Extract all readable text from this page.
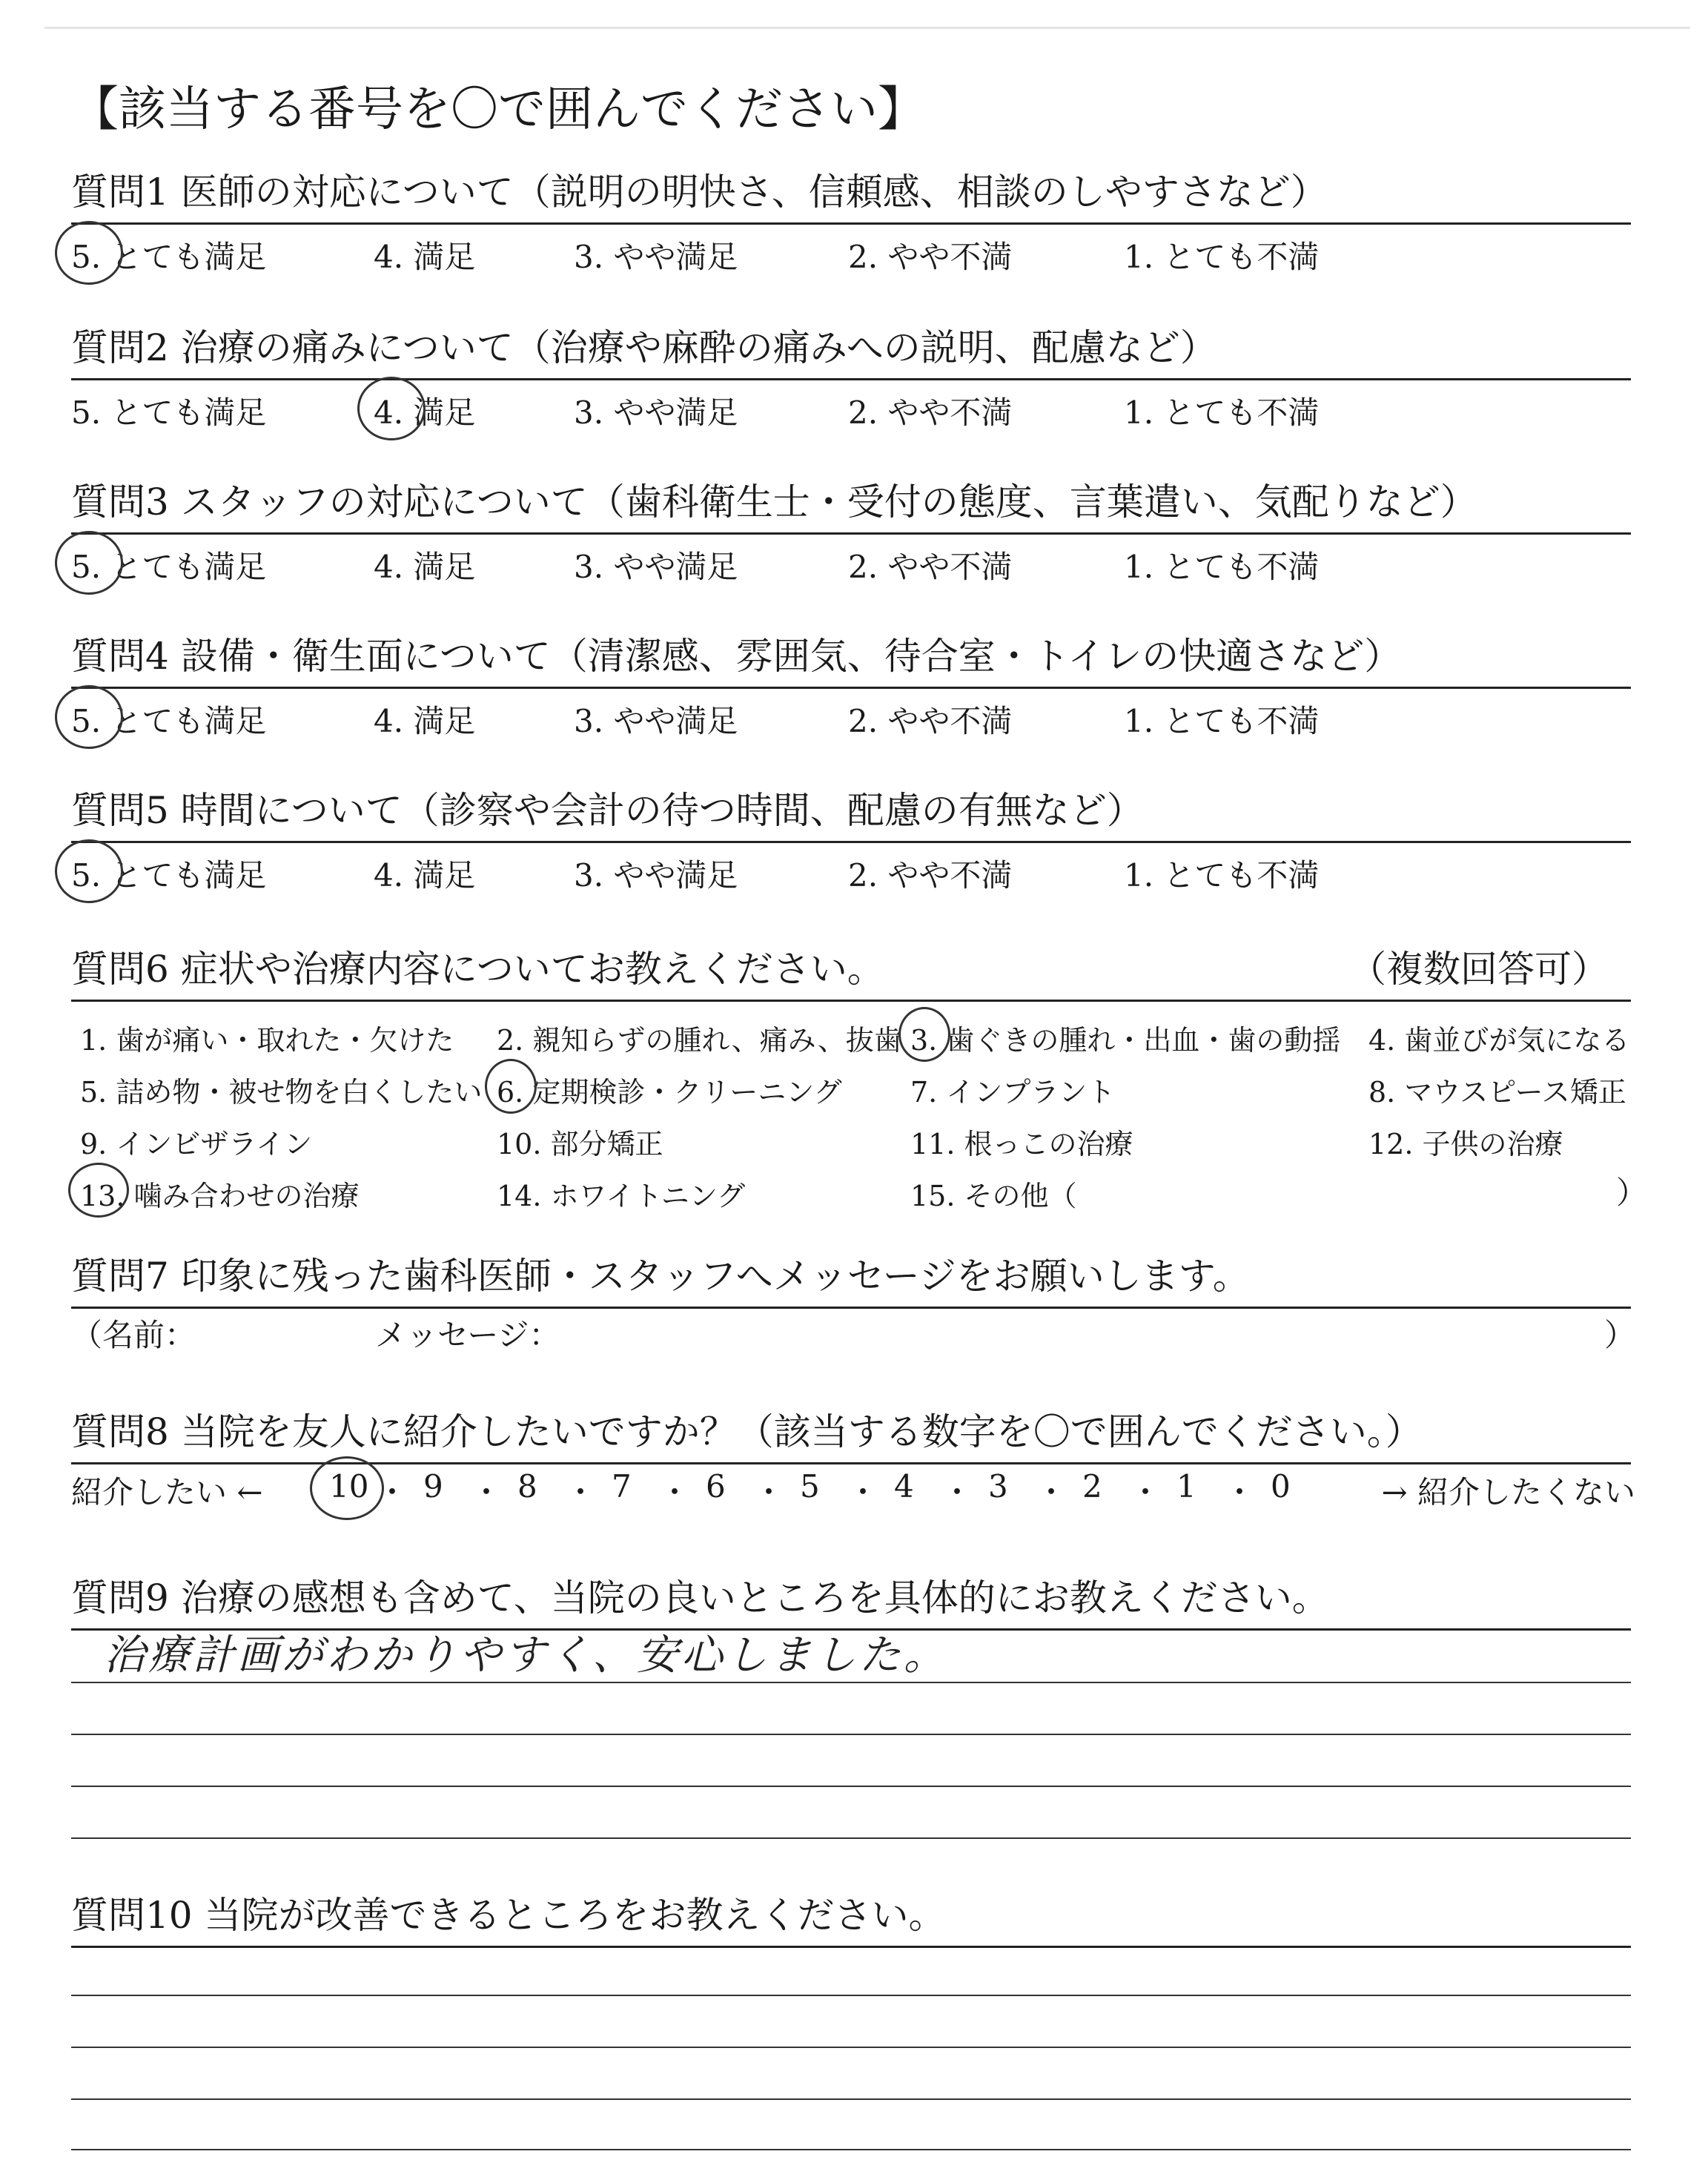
【該当する番号を〇で囲んでください】
質問1 医師の対応について（説明の明快さ、信頼感、相談のしやすさなど）
5. とても満足	4. 満足	3. やや満足	2. やや不満	1. とても不満
質問2 治療の痛みについて（治療や麻酔の痛みへの説明、配慮など）
5. とても満足	4. 満足	3. やや満足	2. やや不満	1. とても不満
質問3 スタッフの対応について（歯科衛生士・受付の態度、言葉遣い、気配りなど）
5. とても満足	4. 満足	3. やや満足	2. やや不満	1. とても不満
質問4 設備・衛生面について（清潔感、雰囲気、待合室・トイレの快適さなど）
5. とても満足	4. 満足	3. やや満足	2. やや不満	1. とても不満
質問5 時間について（診察や会計の待つ時間、配慮の有無など）
5. とても満足	4. 満足	3. やや満足	2. やや不満	1. とても不満
質問6 症状や治療内容についてお教えください。	（複数回答可）
1. 歯が痛い・取れた・欠けた 2. 親知らずの腫れ、痛み、抜歯 3. 歯ぐきの腫れ・出血・歯の動揺 4. 歯並びが気になる
5. 詰め物・被せ物を白くしたい 6. 定期検診・クリーニング 7. インプラント	8. マウスピース矯正
9. インビザライン	10. 部分矯正	11. 根っこの治療	12. 子供の治療
13. 噛み合わせの治療	14. ホワイトニング	15. その他（	）
質問7 印象に残った歯科医師・スタッフへメッセージをお願いします。
（名前：	メッセージ：	）
質問8 当院を友人に紹介したいですか？（該当する数字を〇で囲んでください。）
紹介したい ←	→ 紹介したくない
10 ・ 9 ・ 8 ・ 7 ・ 6 ・ 5 ・ 4 ・ 3 ・ 2 ・ 1 ・ 0
質問9 治療の感想も含めて、当院の良いところを具体的にお教えください。
治療計画がわかりやすく、安心しました。
質問10 当院が改善できるところをお教えください。
